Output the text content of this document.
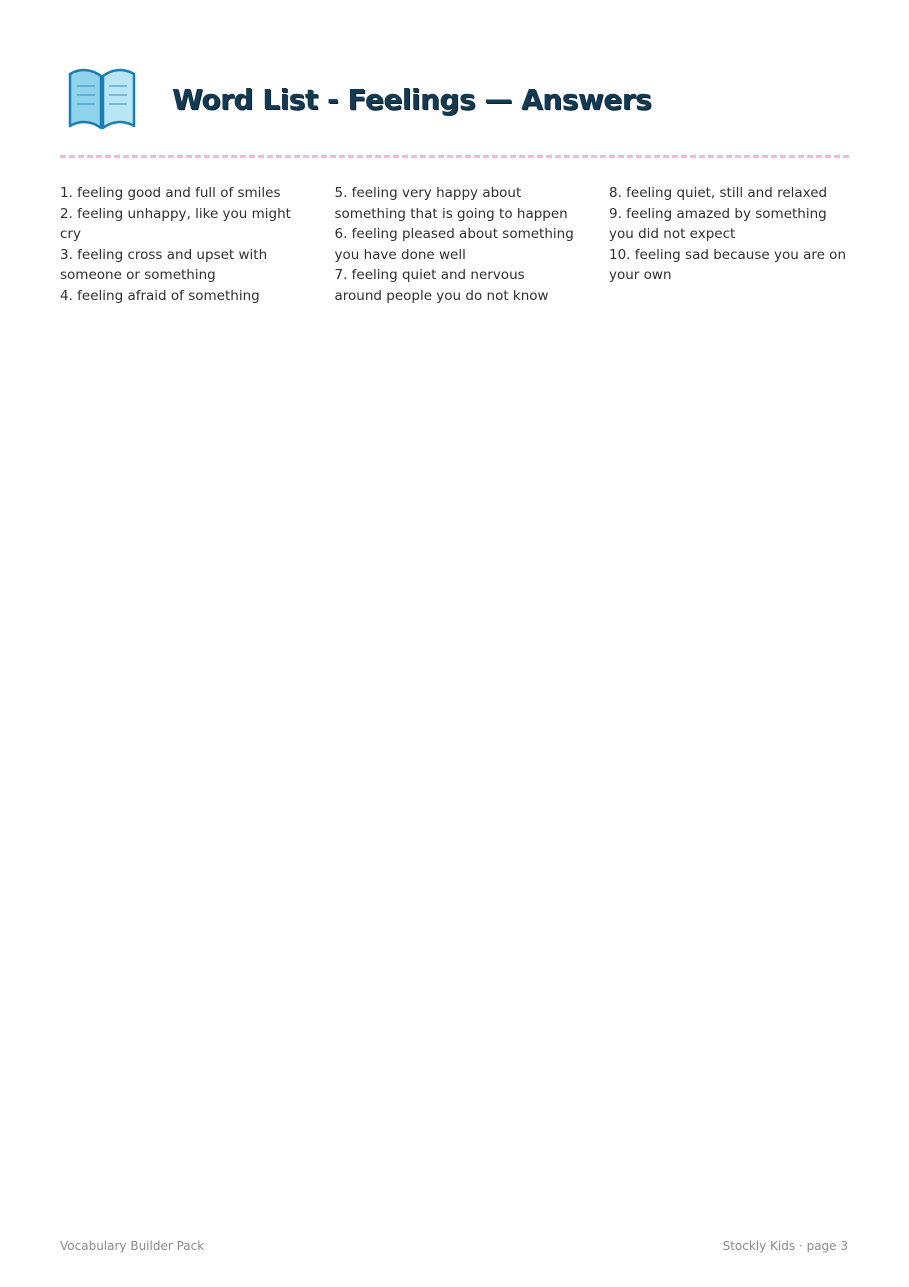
Word List - Feelings — Answers
1. feeling good and full of smiles
2. feeling unhappy, like you might cry
3. feeling cross and upset with someone or something
4. feeling afraid of something
5. feeling very happy about something that is going to happen
6. feeling pleased about something you have done well
7. feeling quiet and nervous around people you do not know
8. feeling quiet, still and relaxed
9. feeling amazed by something you did not expect
10. feeling sad because you are on your own
Vocabulary Builder Pack	Stockly Kids · page 3
